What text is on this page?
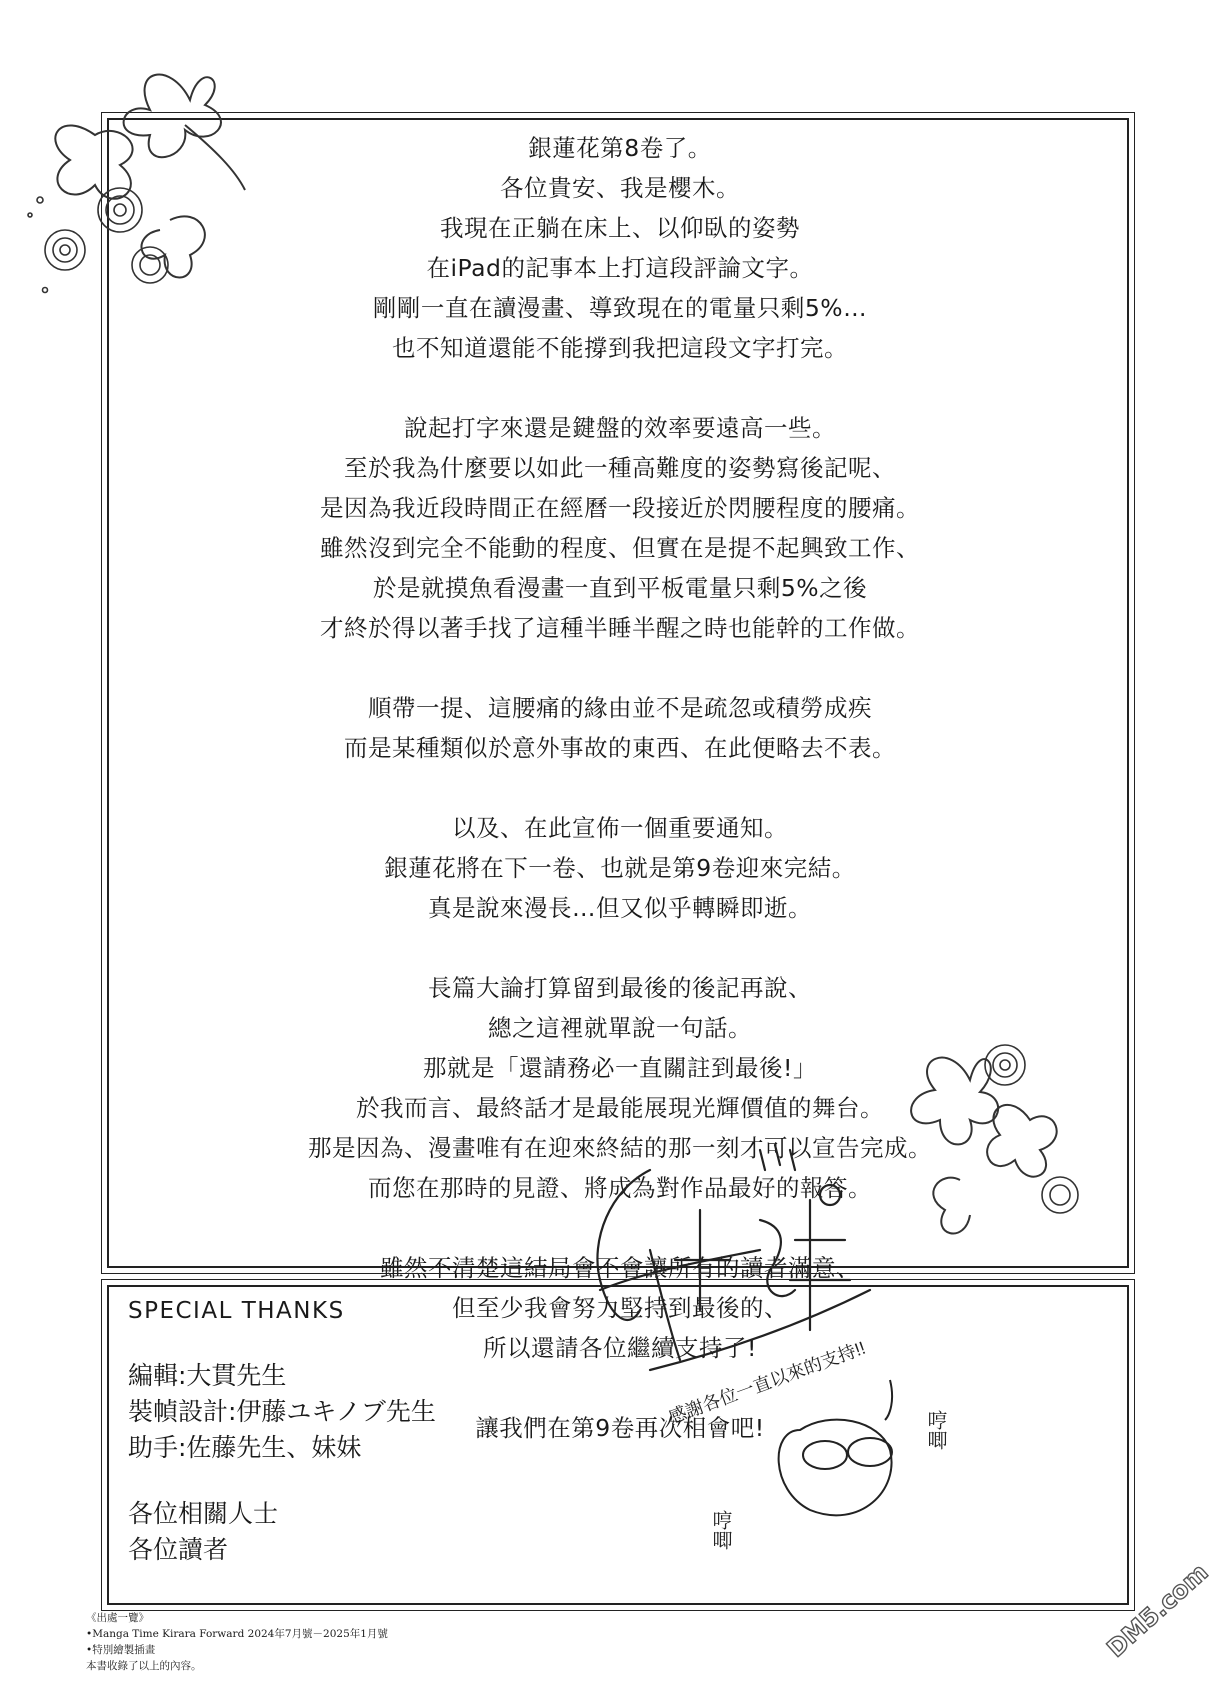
銀蓮花第8卷了。
各位貴安、我是櫻木。
我現在正躺在床上、以仰臥的姿勢
在iPad的記事本上打這段評論文字。
剛剛一直在讀漫畫、導致現在的電量只剩5%…
也不知道還能不能撐到我把這段文字打完。
說起打字來還是鍵盤的效率要遠高一些。
至於我為什麼要以如此一種高難度的姿勢寫後記呢、
是因為我近段時間正在經曆一段接近於閃腰程度的腰痛。
雖然沒到完全不能動的程度、但實在是提不起興致工作、
於是就摸魚看漫畫一直到平板電量只剩5%之後
才終於得以著手找了這種半睡半醒之時也能幹的工作做。
順帶一提、這腰痛的緣由並不是疏忽或積勞成疾
而是某種類似於意外事故的東西、在此便略去不表。
以及、在此宣佈一個重要通知。
銀蓮花將在下一卷、也就是第9卷迎來完結。
真是說來漫長…但又似乎轉瞬即逝。
長篇大論打算留到最後的後記再說、
總之這裡就單說一句話。
那就是「還請務必一直關註到最後!」
於我而言、最終話才是最能展現光輝價值的舞台。
那是因為、漫畫唯有在迎來終結的那一刻才可以宣告完成。
而您在那時的見證、將成為對作品最好的報答。
雖然不清楚這結局會不會讓所有的讀者滿意、
但至少我會努力堅持到最後的、
所以還請各位繼續支持了!
讓我們在第9卷再次相會吧!
SPECIAL THANKS
編輯:大貫先生
裝幀設計:伊藤ユキノブ先生
助手:佐藤先生、妹妹
各位相關人士
各位讀者
感謝各位一直以來的支持!!
哼唧
哼唧
《出處一覽》
•Manga Time Kirara Forward 2024年7月號－2025年1月號
•特別繪製插畫
本書收錄了以上的內容。
DM5.com
